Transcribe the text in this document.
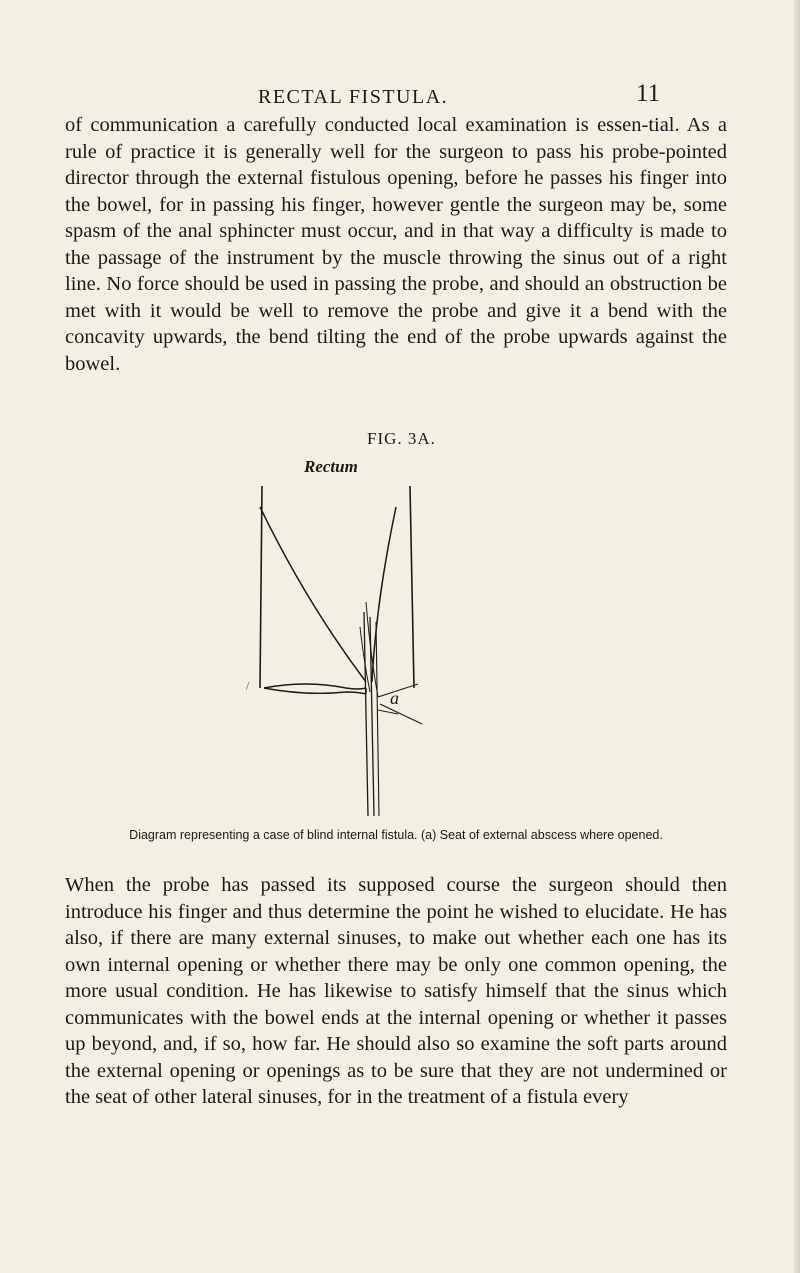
RECTAL FISTULA.	11
of communication a carefully conducted local examination is essen-tial. As a rule of practice it is generally well for the surgeon to pass his probe-pointed director through the external fistulous opening, before he passes his finger into the bowel, for in passing his finger, however gentle the surgeon may be, some spasm of the anal sphincter must occur, and in that way a difficulty is made to the passage of the instrument by the muscle throwing the sinus out of a right line. No force should be used in passing the probe, and should an obstruction be met with it would be well to remove the probe and give it a bend with the concavity upwards, the bend tilting the end of the probe upwards against the bowel.
FIG. 3A.
Rectum
a
Diagram representing a case of blind internal fistula. (a) Seat of external abscess where opened.
When the probe has passed its supposed course the surgeon should then introduce his finger and thus determine the point he wished to elucidate. He has also, if there are many external sinuses, to make out whether each one has its own internal opening or whether there may be only one common opening, the more usual condition. He has likewise to satisfy himself that the sinus which communicates with the bowel ends at the internal opening or whether it passes up beyond, and, if so, how far. He should also so examine the soft parts around the external opening or openings as to be sure that they are not undermined or the seat of other lateral sinuses, for in the treatment of a fistula every
